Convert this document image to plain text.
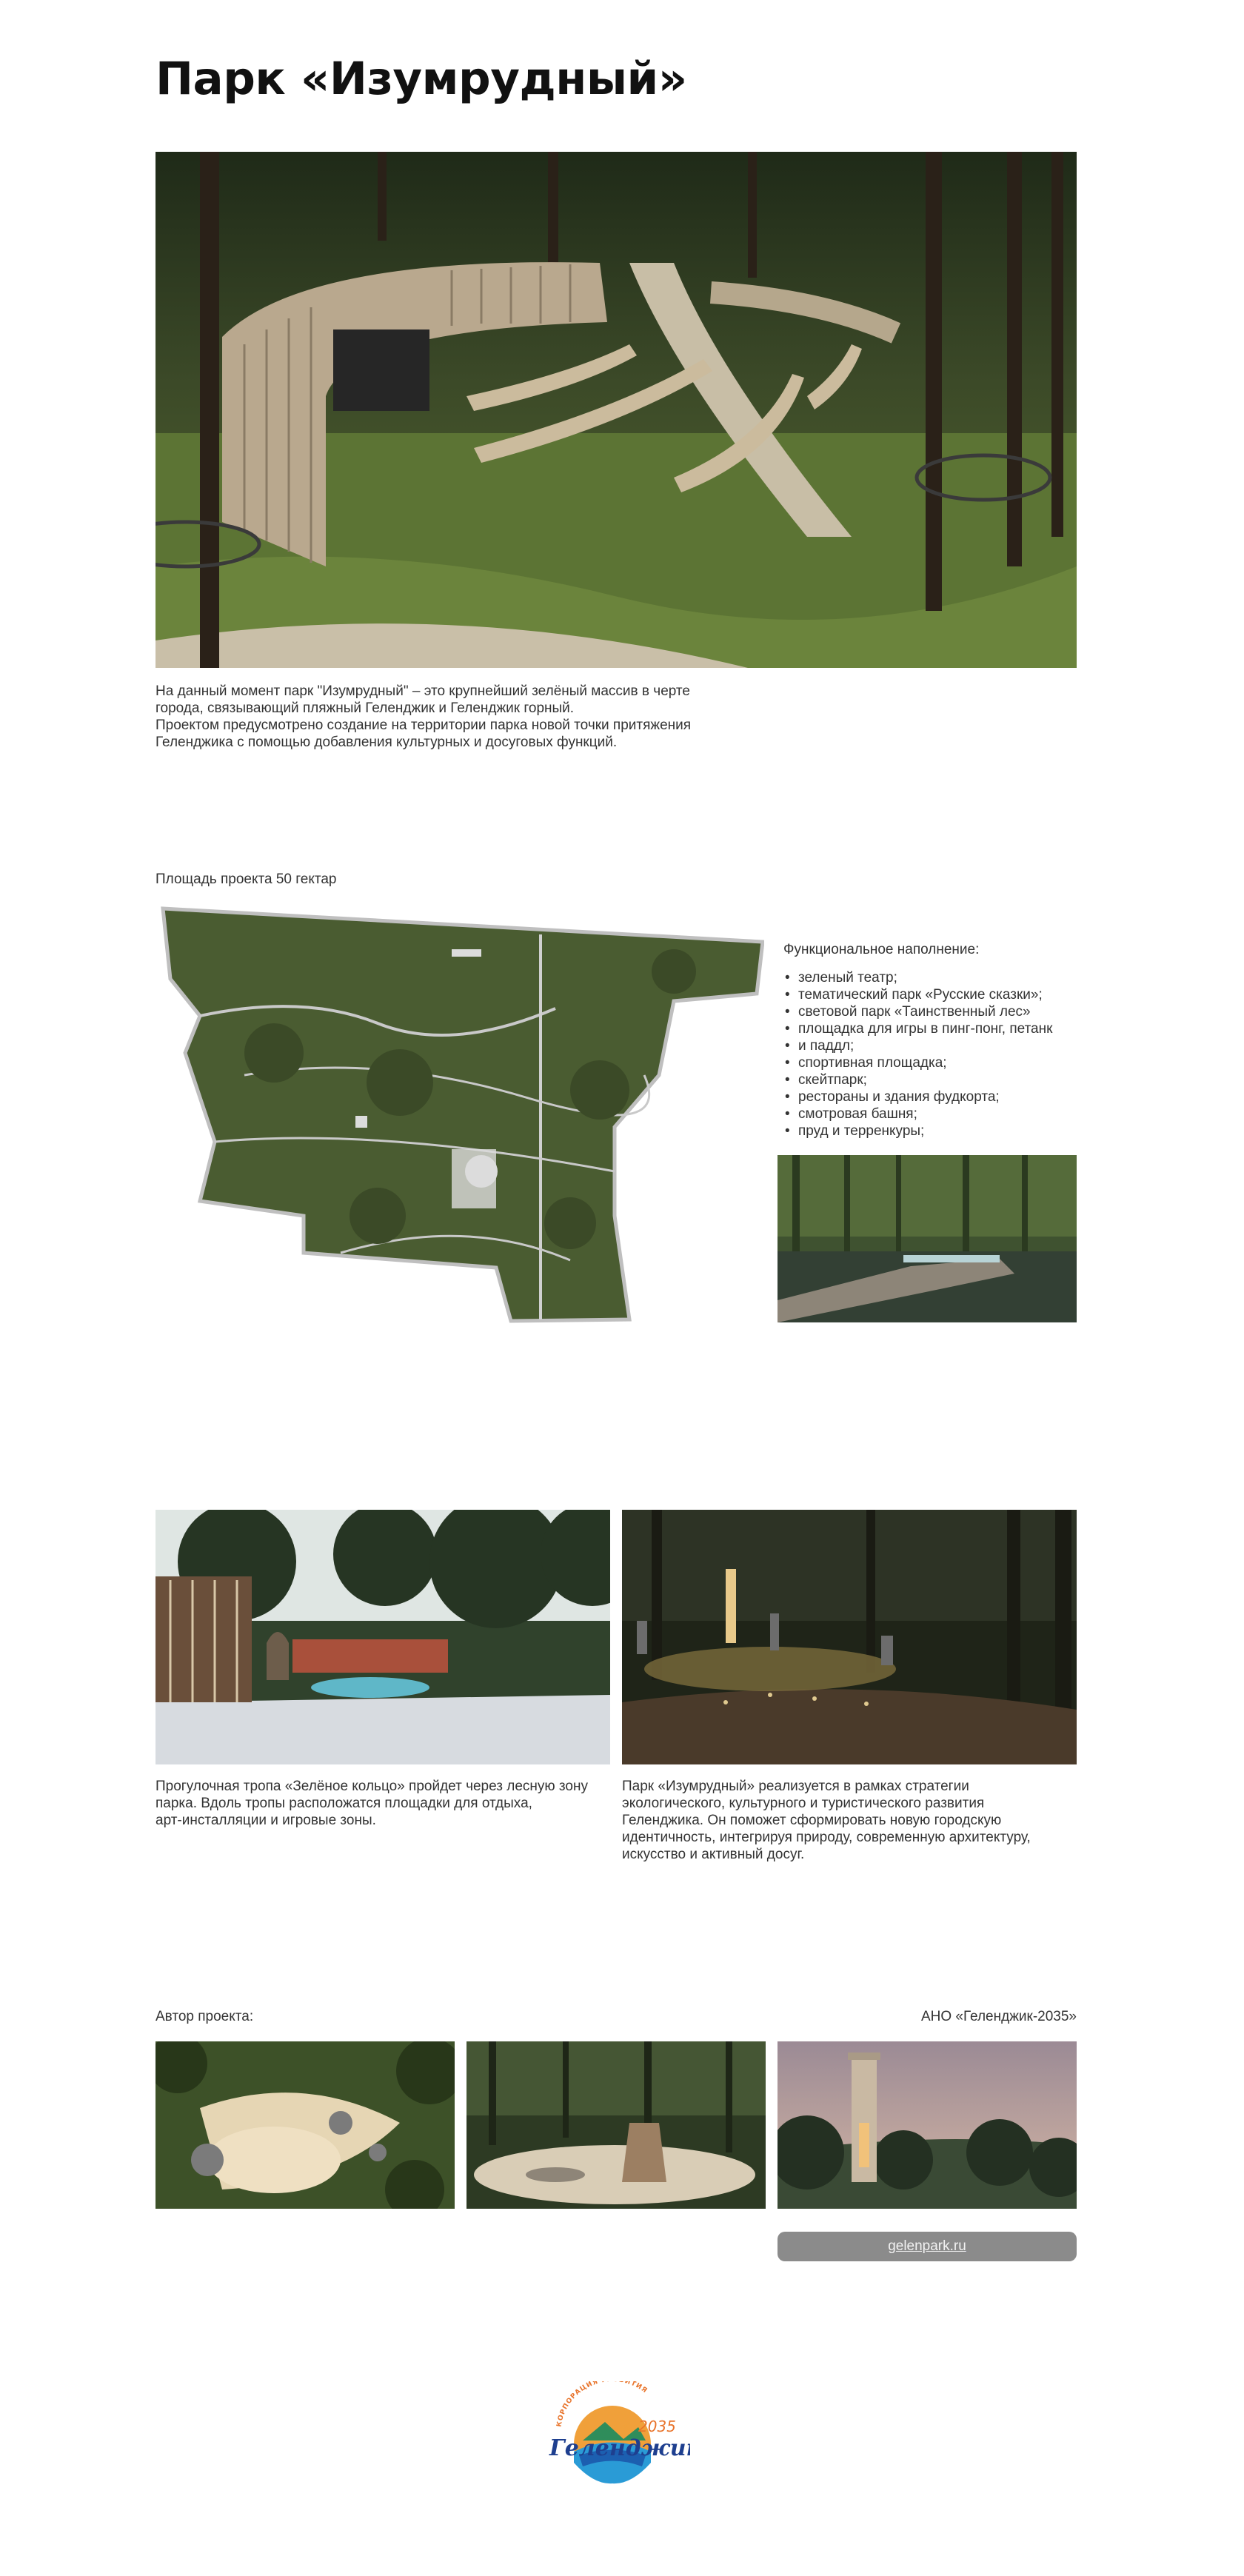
Парк «Изумрудный»
На данный момент парк "Изумрудный" – это крупнейший зелёный массив в черте
города, связывающий пляжный Геленджик и Геленджик горный.
Проектом предусмотрено создание на территории парка новой точки притяжения
Геленджика с помощью добавления культурных и досуговых функций.
Площадь проекта 50 гектар
Функциональное наполнение:
• зеленый театр;
• тематический парк «Русские сказки»;
• световой парк «Таинственный лес»
• площадка для игры в пинг-понг, петанк
• и паддл;
• спортивная площадка;
• скейтпарк;
• рестораны и здания фудкорта;
• смотровая башня;
• пруд и терренкуры;
Прогулочная тропа «Зелёное кольцо» пройдет через лесную зону
парка. Вдоль тропы расположатся площадки для отдыха,
арт-инсталляции и игровые зоны.
Парк «Изумрудный» реализуется в рамках стратегии
экологического, культурного и туристического развития
Геленджика. Он поможет сформировать новую городскую
идентичность, интегрируя природу, современную архитектуру,
искусство и активный досуг.
Автор проекта:	АНО «Геленджик-2035»
gelenpark.ru
КОРПОРАЦИЯ ИТИЯ
Геленджик
2035
